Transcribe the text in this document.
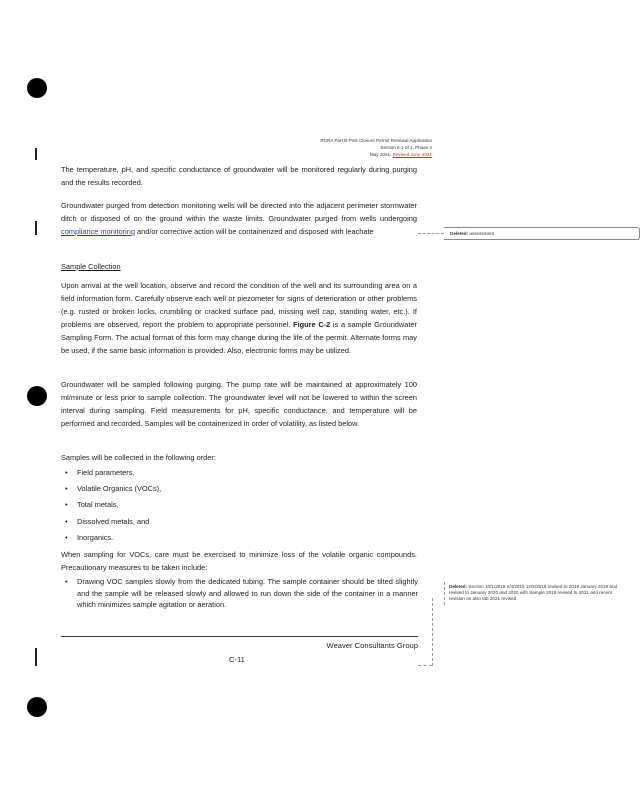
RCRA Part B Post Closure Permit Renewal Application
Section II-1 of 1, Phase 4
May 2021, Revised June 2021

The temperature, pH, and specific conductance of groundwater will be monitored regularly during purging and the results recorded.

Groundwater purged from detection monitoring wells will be directed into the adjacent perimeter stormwater ditch or disposed of on the ground within the waste limits. Groundwater purged from wells undergoing compliance monitoring and/or corrective action will be containerized and disposed with leachate

Sample Collection

Upon arrival at the well location, observe and record the condition of the well and its surrounding area on a field information form. Carefully observe each well or piezometer for signs of deterioration or other problems (e.g. rusted or broken locks, crumbling or cracked surface pad, missing well cap, standing water, etc.). If problems are observed, report the problem to appropriate personnel. Figure C-2 is a sample Groundwater Sampling Form. The actual format of this form may change during the life of the permit. Alternate forms may be used, if the same basic information is provided. Also, electronic forms may be utilized.

Groundwater will be sampled following purging. The pump rate will be maintained at approximately 100 ml/minute or less prior to sample collection. The groundwater level will not be lowered to within the screen interval during sampling. Field measurements for pH, specific conductance, and temperature will be performed and recorded. Samples will be containerized in order of volatility, as listed below.

Samples will be collected in the following order:

• Field parameters,
• Volatile Organics (VOCs),
• Total metals,
• Dissolved metals, and
• Inorganics.

When sampling for VOCs, care must be exercised to minimize loss of the volatile organic compounds. Precautionary measures to be taken include:

• Drawing VOC samples slowly from the dedicated tubing. The sample container should be tilted slightly and the sample will be released slowly and allowed to run down the side of the container in a manner which minimizes sample agitation or aeration.
Weaver Consultants Group
C-11
Deleted: assessment
Deleted: Section 10/1/2018 2/4/2019 12/5/2019 revised to 2019 January 2019 and revised to January 2020 and 2020 with Sample 2019 revised to 2021 and recent revision on also tab 2021 revised
